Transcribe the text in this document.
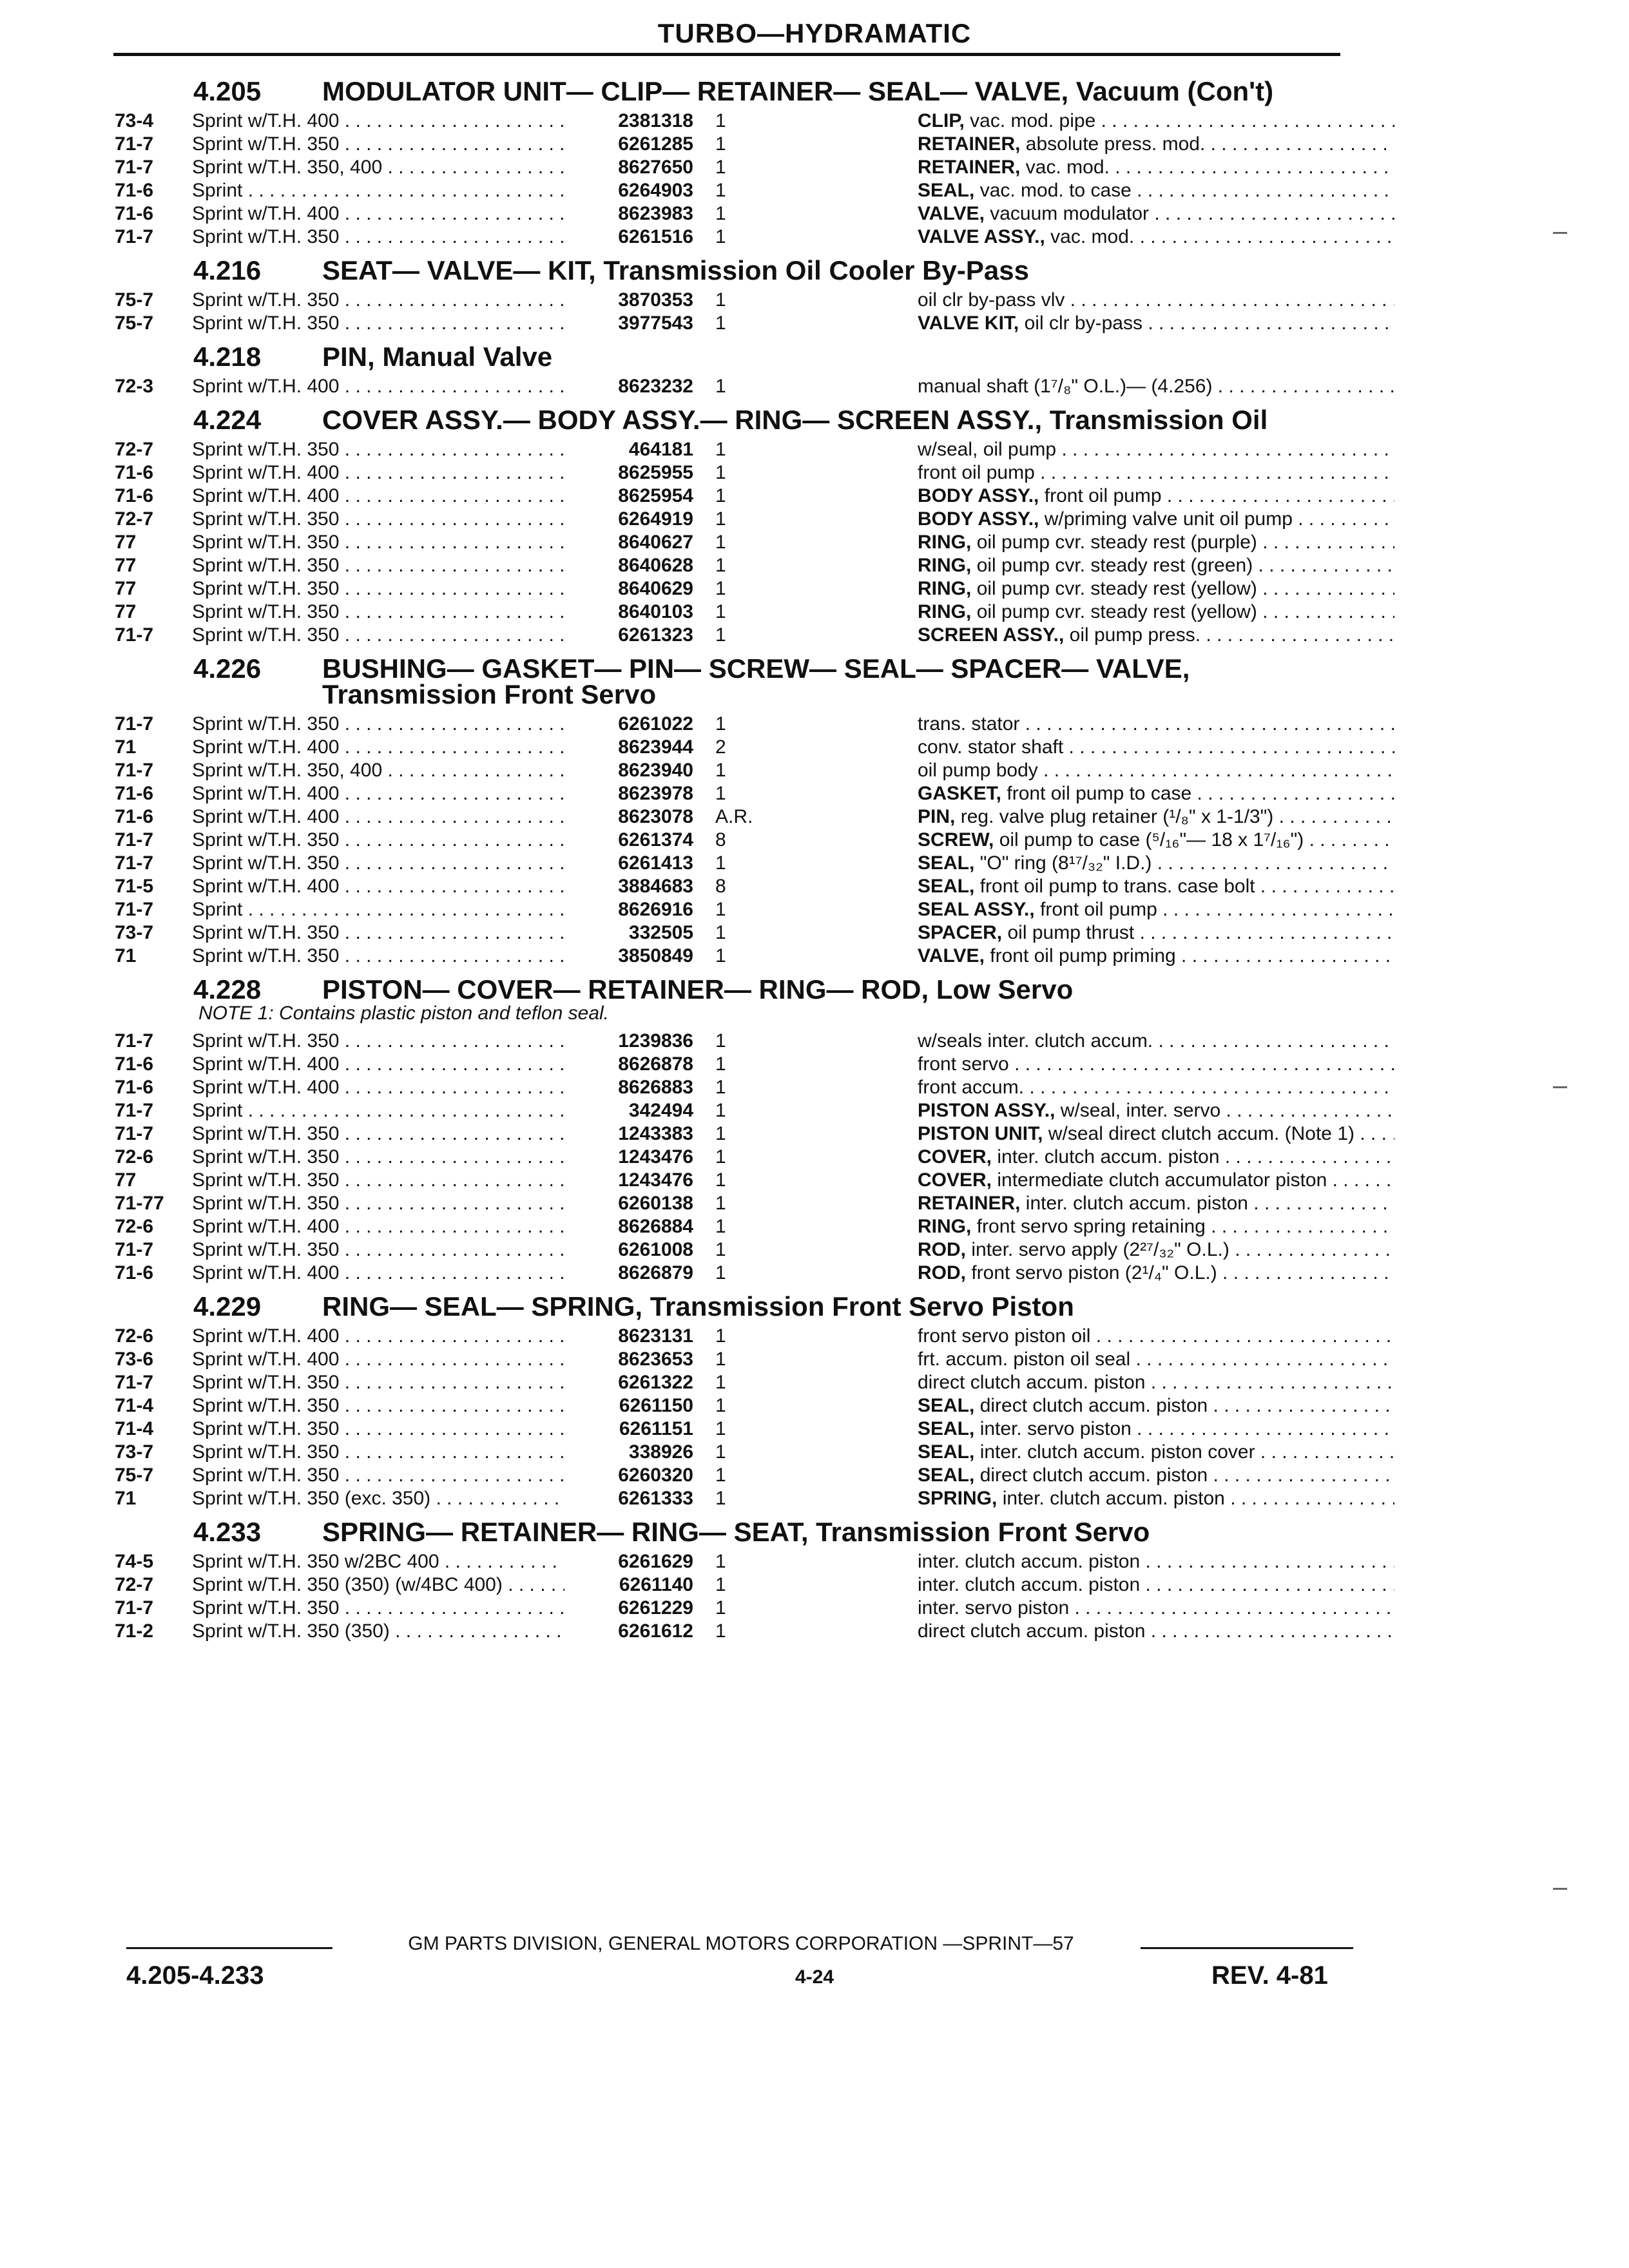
TURBO—HYDRAMATIC
4.205	MODULATOR UNIT— CLIP— RETAINER— SEAL— VALVE, Vacuum (Con't)
73-4	Sprint w/T.H. 400 . . .	2381318	1	CLIP, vac. mod. pipe . . .
71-7	Sprint w/T.H. 350 . . .	6261285	1	RETAINER, absolute press. mod. . . .
71-7	Sprint w/T.H. 350, 400 . . .	8627650	1	RETAINER, vac. mod. . . .
71-6	Sprint . . .	6264903	1	SEAL, vac. mod. to case . . .
71-6	Sprint w/T.H. 400 . . .	8623983	1	VALVE, vacuum modulator . . .
71-7	Sprint w/T.H. 350 . . .	6261516	1	VALVE ASSY., vac. mod. . . .
4.216	SEAT— VALVE— KIT, Transmission Oil Cooler By-Pass
75-7	Sprint w/T.H. 350 . . .	3870353	1	oil clr by-pass vlv . . .
75-7	Sprint w/T.H. 350 . . .	3977543	1	VALVE KIT, oil clr by-pass . . .
4.218	PIN, Manual Valve
72-3	Sprint w/T.H. 400 . . .	8623232	1	manual shaft (1⁷/₈" O.L.)— (4.256) . . .
4.224	COVER ASSY.— BODY ASSY.— RING— SCREEN ASSY., Transmission Oil
72-7	Sprint w/T.H. 350 . . .	464181	1	w/seal, oil pump . . .
71-6	Sprint w/T.H. 400 . . .	8625955	1	front oil pump . . .
71-6	Sprint w/T.H. 400 . . .	8625954	1	BODY ASSY., front oil pump . . .
72-7	Sprint w/T.H. 350 . . .	6264919	1	BODY ASSY., w/priming valve unit oil pump . . .
77	Sprint w/T.H. 350 . . .	8640627	1	RING, oil pump cvr. steady rest (purple) . . .
77	Sprint w/T.H. 350 . . .	8640628	1	RING, oil pump cvr. steady rest (green) . . .
77	Sprint w/T.H. 350 . . .	8640629	1	RING, oil pump cvr. steady rest (yellow) . . .
77	Sprint w/T.H. 350 . . .	8640103	1	RING, oil pump cvr. steady rest (yellow) . . .
71-7	Sprint w/T.H. 350 . . .	6261323	1	SCREEN ASSY., oil pump press. . . .
4.226	BUSHING— GASKET— PIN— SCREW— SEAL— SPACER— VALVE, Transmission Front Servo
71-7	Sprint w/T.H. 350 . . .	6261022	1	trans. stator . . .
71	Sprint w/T.H. 400 . . .	8623944	2	conv. stator shaft . . .
71-7	Sprint w/T.H. 350, 400 . . .	8623940	1	oil pump body . . .
71-6	Sprint w/T.H. 400 . . .	8623978	1	GASKET, front oil pump to case . . .
71-6	Sprint w/T.H. 400 . . .	8623078	A.R.	PIN, reg. valve plug retainer (¹/₈" x 1-1/3") . . .
71-7	Sprint w/T.H. 350 . . .	6261374	8	SCREW, oil pump to case (⁵/₁₆"— 18 x 1⁷/₁₆") . . .
71-7	Sprint w/T.H. 350 . . .	6261413	1	SEAL, "O" ring (8¹⁷/₃₂" I.D.) . . .
71-5	Sprint w/T.H. 400 . . .	3884683	8	SEAL, front oil pump to trans. case bolt . . .
71-7	Sprint . . .	8626916	1	SEAL ASSY., front oil pump . . .
73-7	Sprint w/T.H. 350 . . .	332505	1	SPACER, oil pump thrust . . .
71	Sprint w/T.H. 350 . . .	3850849	1	VALVE, front oil pump priming . . .
4.228	PISTON— COVER— RETAINER— RING— ROD, Low Servo
NOTE 1: Contains plastic piston and teflon seal.
71-7	Sprint w/T.H. 350 . . .	1239836	1	w/seals inter. clutch accum. . . .
71-6	Sprint w/T.H. 400 . . .	8626878	1	front servo . . .
71-6	Sprint w/T.H. 400 . . .	8626883	1	front accum. . . .
71-7	Sprint . . .	342494	1	PISTON ASSY., w/seal, inter. servo . . .
71-7	Sprint w/T.H. 350 . . .	1243383	1	PISTON UNIT, w/seal direct clutch accum. (Note 1) . . .
72-6	Sprint w/T.H. 350 . . .	1243476	1	COVER, inter. clutch accum. piston . . .
77	Sprint w/T.H. 350 . . .	1243476	1	COVER, intermediate clutch accumulator piston . . .
71-77	Sprint w/T.H. 350 . . .	6260138	1	RETAINER, inter. clutch accum. piston . . .
72-6	Sprint w/T.H. 400 . . .	8626884	1	RING, front servo spring retaining . . .
71-7	Sprint w/T.H. 350 . . .	6261008	1	ROD, inter. servo apply (2²⁷/₃₂" O.L.) . . .
71-6	Sprint w/T.H. 400 . . .	8626879	1	ROD, front servo piston (2¹/₄" O.L.) . . .
4.229	RING— SEAL— SPRING, Transmission Front Servo Piston
72-6	Sprint w/T.H. 400 . . .	8623131	1	front servo piston oil . . .
73-6	Sprint w/T.H. 400 . . .	8623653	1	frt. accum. piston oil seal . . .
71-7	Sprint w/T.H. 350 . . .	6261322	1	direct clutch accum. piston . . .
71-4	Sprint w/T.H. 350 . . .	6261150	1	SEAL, direct clutch accum. piston . . .
71-4	Sprint w/T.H. 350 . . .	6261151	1	SEAL, inter. servo piston . . .
73-7	Sprint w/T.H. 350 . . .	338926	1	SEAL, inter. clutch accum. piston cover . . .
75-7	Sprint w/T.H. 350 . . .	6260320	1	SEAL, direct clutch accum. piston . . .
71	Sprint w/T.H. 350 (exc. 350) . . .	6261333	1	SPRING, inter. clutch accum. piston . . .
4.233	SPRING— RETAINER— RING— SEAT, Transmission Front Servo
74-5	Sprint w/T.H. 350 w/2BC 400 . . .	6261629	1	inter. clutch accum. piston . . .
72-7	Sprint w/T.H. 350 (350) (w/4BC 400) . . .	6261140	1	inter. clutch accum. piston . . .
71-7	Sprint w/T.H. 350 . . .	6261229	1	inter. servo piston . . .
71-2	Sprint w/T.H. 350 (350) . . .	6261612	1	direct clutch accum. piston . . .
GM PARTS DIVISION, GENERAL MOTORS CORPORATION —SPRINT—57
4.205-4.233	4-24	REV. 4-81
